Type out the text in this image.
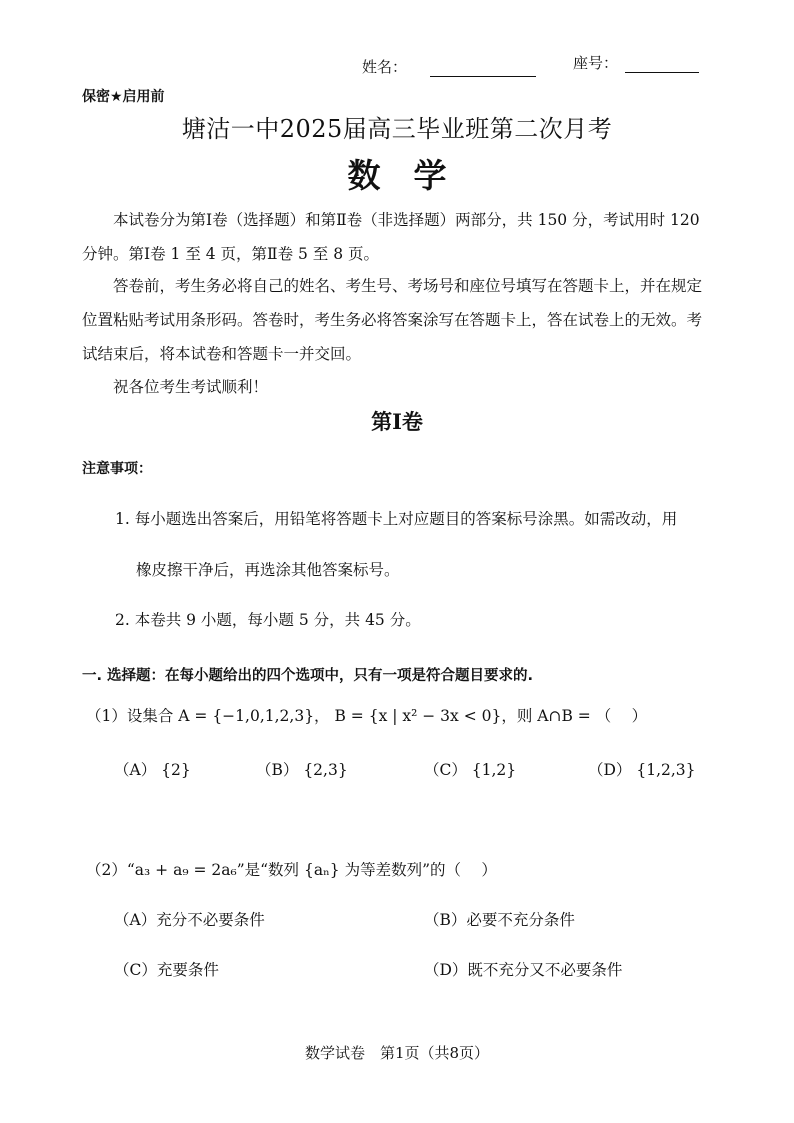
姓名：	座号：
保密★启用前
塘沽一中2025届高三毕业班第二次月考
数　学
本试卷分为第Ⅰ卷（选择题）和第Ⅱ卷（非选择题）两部分，共 150 分，考试用时 120 分钟。第Ⅰ卷 1 至 4 页，第Ⅱ卷 5 至 8 页。
答卷前，考生务必将自己的姓名、考生号、考场号和座位号填写在答题卡上，并在规定位置粘贴考试用条形码。答卷时，考生务必将答案涂写在答题卡上，答在试卷上的无效。考试结束后，将本试卷和答题卡一并交回。
祝各位考生考试顺利！
第Ⅰ卷
注意事项：
1. 每小题选出答案后，用铅笔将答题卡上对应题目的答案标号涂黑。如需改动，用
橡皮擦干净后，再选涂其他答案标号。
2. 本卷共 9 小题，每小题 5 分，共 45 分。
一. 选择题：在每小题给出的四个选项中，只有一项是符合题目要求的.
（1）设集合 A = {−1,0,1,2,3}， B = {x | x² − 3x < 0}，则 A∩B = （　 ）
（A） {2}	（B） {2,3}	（C） {1,2}	（D） {1,2,3}
（2）“a₃ + a₉ = 2a₆”是“数列 {aₙ} 为等差数列”的（　 ）
（A）充分不必要条件	（B）必要不充分条件
（C）充要条件	（D）既不充分又不必要条件
数学试卷　第1页（共8页）
